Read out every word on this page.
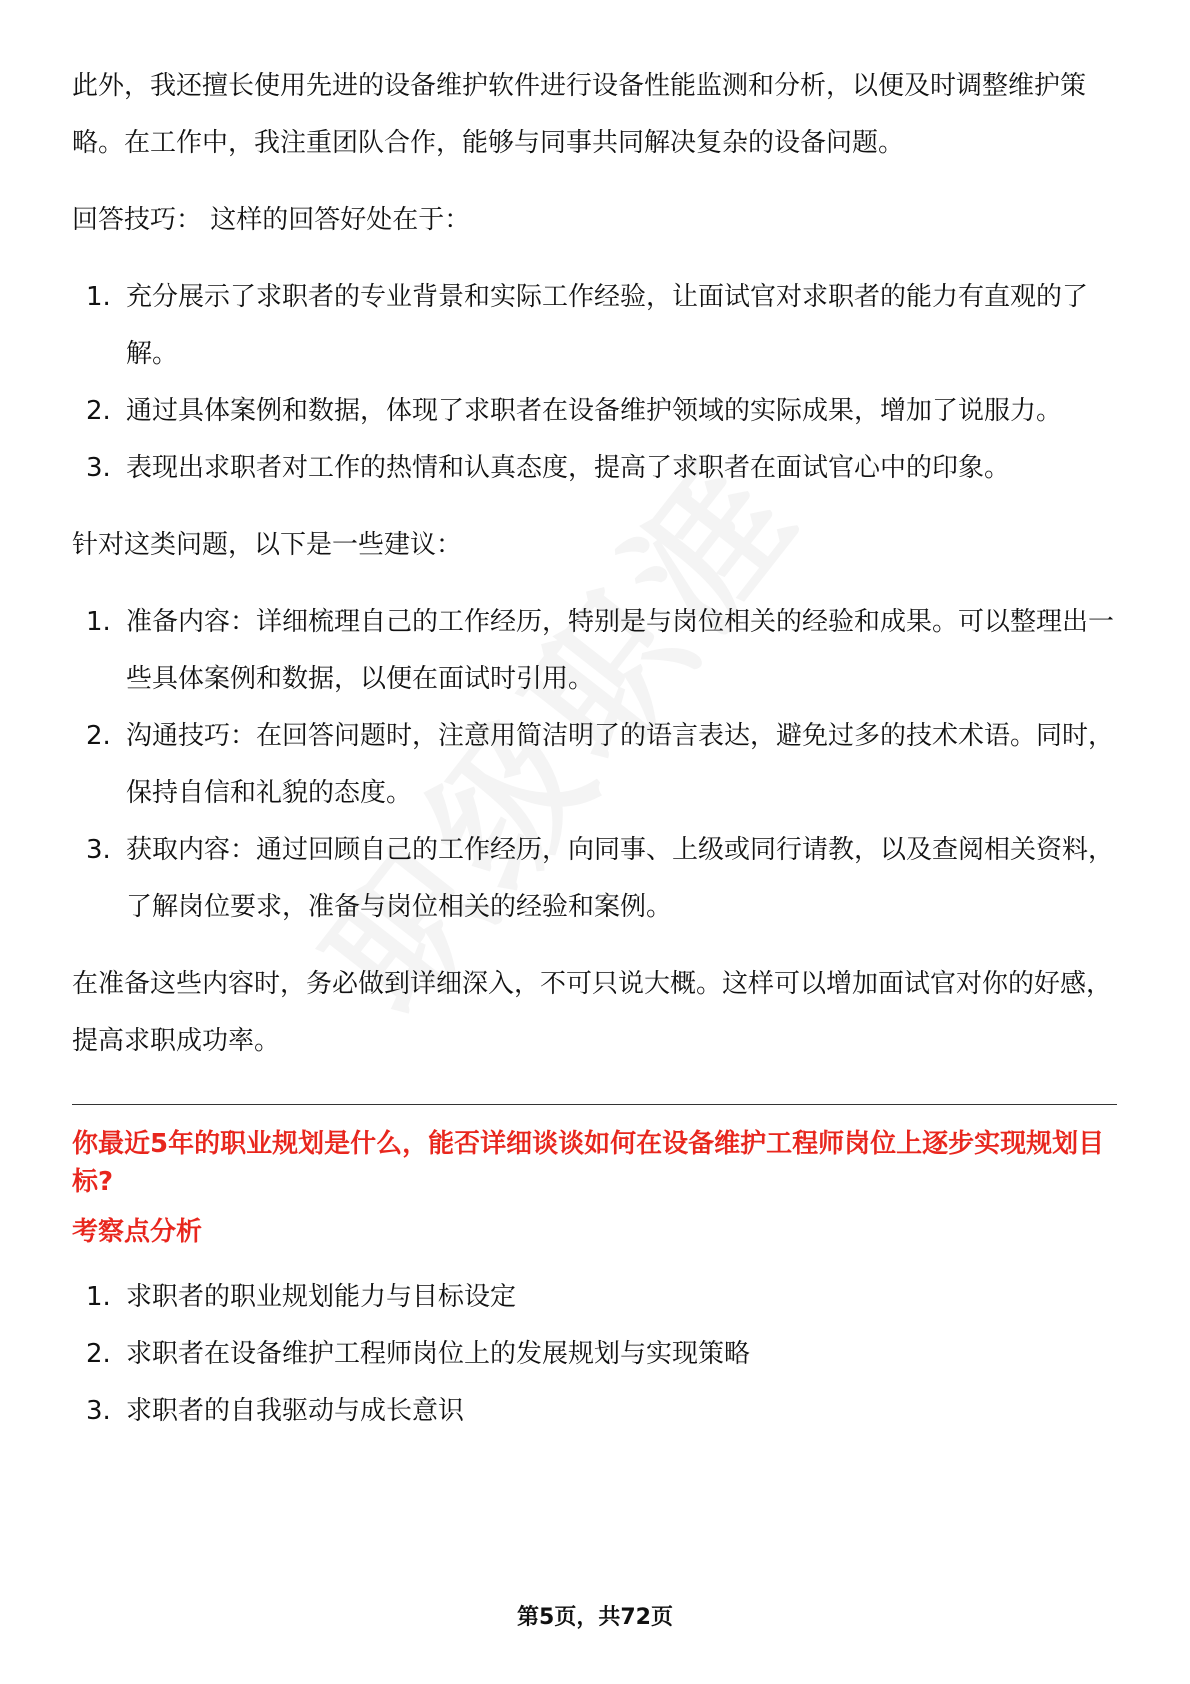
此外，我还擅长使用先进的设备维护软件进行设备性能监测和分析，以便及时调整维护策略。在工作中，我注重团队合作，能够与同事共同解决复杂的设备问题。

回答技巧： 这样的回答好处在于：

1. 充分展示了求职者的专业背景和实际工作经验，让面试官对求职者的能力有直观的了解。
2. 通过具体案例和数据，体现了求职者在设备维护领域的实际成果，增加了说服力。
3. 表现出求职者对工作的热情和认真态度，提高了求职者在面试官心中的印象。

针对这类问题，以下是一些建议：

1. 准备内容：详细梳理自己的工作经历，特别是与岗位相关的经验和成果。可以整理出一些具体案例和数据，以便在面试时引用。
2. 沟通技巧：在回答问题时，注意用简洁明了的语言表达，避免过多的技术术语。同时，保持自信和礼貌的态度。
3. 获取内容：通过回顾自己的工作经历，向同事、上级或同行请教，以及查阅相关资料，了解岗位要求，准备与岗位相关的经验和案例。

在准备这些内容时，务必做到详细深入，不可只说大概。这样可以增加面试官对你的好感，提高求职成功率。

你最近5年的职业规划是什么，能否详细谈谈如何在设备维护工程师岗位上逐步实现规划目标?
考察点分析
1. 求职者的职业规划能力与目标设定
2. 求职者在设备维护工程师岗位上的发展规划与实现策略
3. 求职者的自我驱动与成长意识
第5页，共72页
